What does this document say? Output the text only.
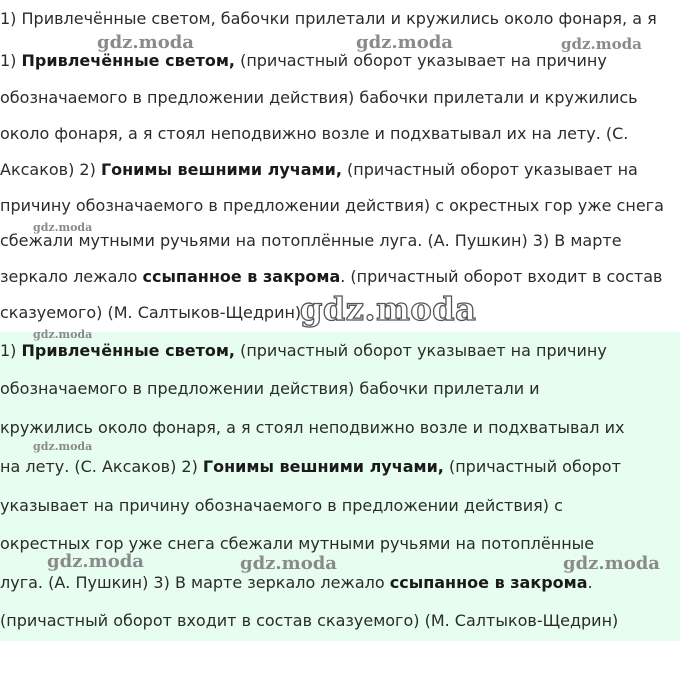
1) Привлечённые светом, бабочки прилетали и кружились около фонаря, а я
1) Привлечённые светом, (причастный оборот указывает на причину
обозначаемого в предложении действия) бабочки прилетали и кружились
около фонаря, а я стоял неподвижно возле и подхватывал их на лету. (С.
Аксаков) 2) Гонимы вешними лучами, (причастный оборот указывает на
причину обозначаемого в предложении действия) с окрестных гор уже снега
сбежали мутными ручьями на потоплённые луга. (А. Пушкин) 3) В марте
зеркало лежало ссыпанное в закрома. (причастный оборот входит в состав
сказуемого) (М. Салтыков-Щедрин)
1) Привлечённые светом, (причастный оборот указывает на причину
обозначаемого в предложении действия) бабочки прилетали и
кружились около фонаря, а я стоял неподвижно возле и подхватывал их
на лету. (С. Аксаков) 2) Гонимы вешними лучами, (причастный оборот
указывает на причину обозначаемого в предложении действия) с
окрестных гор уже снега сбежали мутными ручьями на потоплённые
луга. (А. Пушкин) 3) В марте зеркало лежало ссыпанное в закрома.
(причастный оборот входит в состав сказуемого) (М. Салтыков-Щедрин)
gdz.moda	gdz.moda	gdz.moda
gdz.moda
gdz.moda
gdz.moda
gdz.moda
gdz.moda	gdz.moda	gdz.moda
